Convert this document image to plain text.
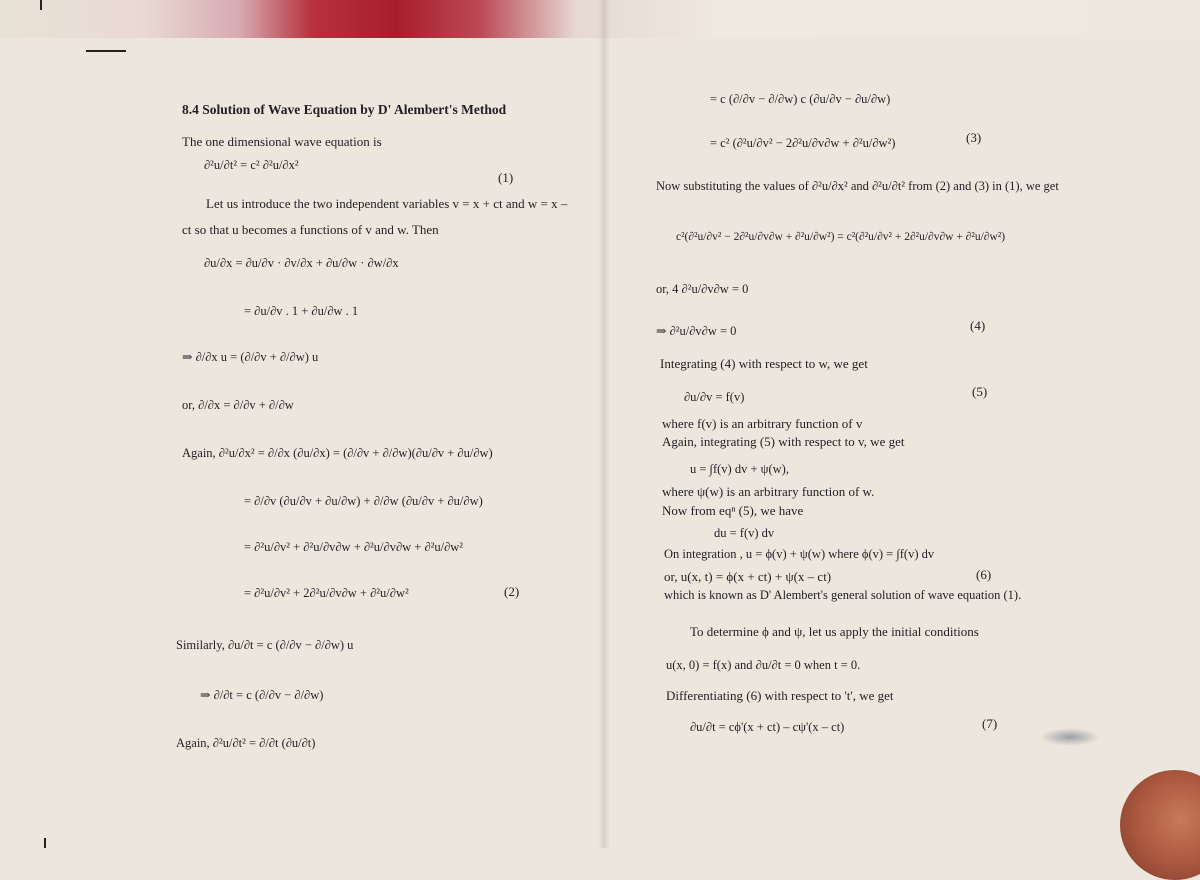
8.4 Solution of Wave Equation by D' Alembert's Method
The one dimensional wave equation is
∂²u/∂t² = c² ∂²u/∂x²
(1)
Let us introduce the two independent variables v = x + ct and w = x –
ct so that u becomes a functions of v and w. Then
∂u/∂x = ∂u/∂v · ∂v/∂x + ∂u/∂w · ∂w/∂x
= ∂u/∂v . 1 + ∂u/∂w . 1
⇒ ∂/∂x u = (∂/∂v + ∂/∂w) u
or, ∂/∂x = ∂/∂v + ∂/∂w
Again, ∂²u/∂x² = ∂/∂x (∂u/∂x) = (∂/∂v + ∂/∂w)(∂u/∂v + ∂u/∂w)
= ∂/∂v (∂u/∂v + ∂u/∂w) + ∂/∂w (∂u/∂v + ∂u/∂w)
= ∂²u/∂v² + ∂²u/∂v∂w + ∂²u/∂v∂w + ∂²u/∂w²
= ∂²u/∂v² + 2∂²u/∂v∂w + ∂²u/∂w²	(2)
Similarly, ∂u/∂t = c (∂/∂v − ∂/∂w) u
⇒ ∂/∂t = c (∂/∂v − ∂/∂w)
Again, ∂²u/∂t² = ∂/∂t (∂u/∂t)
= c (∂/∂v − ∂/∂w) c (∂u/∂v − ∂u/∂w)
= c² (∂²u/∂v² − 2∂²u/∂v∂w + ∂²u/∂w²)	(3)
Now substituting the values of ∂²u/∂x² and ∂²u/∂t² from (2) and (3) in (1), we get
c²(∂²u/∂v² − 2∂²u/∂v∂w + ∂²u/∂w²) = c²(∂²u/∂v² + 2∂²u/∂v∂w + ∂²u/∂w²)
or, 4 ∂²u/∂v∂w = 0
⇒ ∂²u/∂v∂w = 0	(4)
Integrating (4) with respect to w, we get
∂u/∂v = f(v)	(5)
where f(v) is an arbitrary function of v
Again, integrating (5) with respect to v, we get
u = ∫f(v) dv + ψ(w),
where ψ(w) is an arbitrary function of w.
Now from eqⁿ (5), we have
du = f(v) dv
On integration , u = ϕ(v) + ψ(w) where ϕ(v) = ∫f(v) dv
or, u(x, t) = ϕ(x + ct) + ψ(x – ct)	(6)
which is known as D' Alembert's general solution of wave equation (1).
To determine ϕ and ψ, let us apply the initial conditions
u(x, 0) = f(x) and ∂u/∂t = 0 when t = 0.
Differentiating (6) with respect to 't', we get
∂u/∂t = cϕ'(x + ct) – cψ'(x – ct)	(7)
